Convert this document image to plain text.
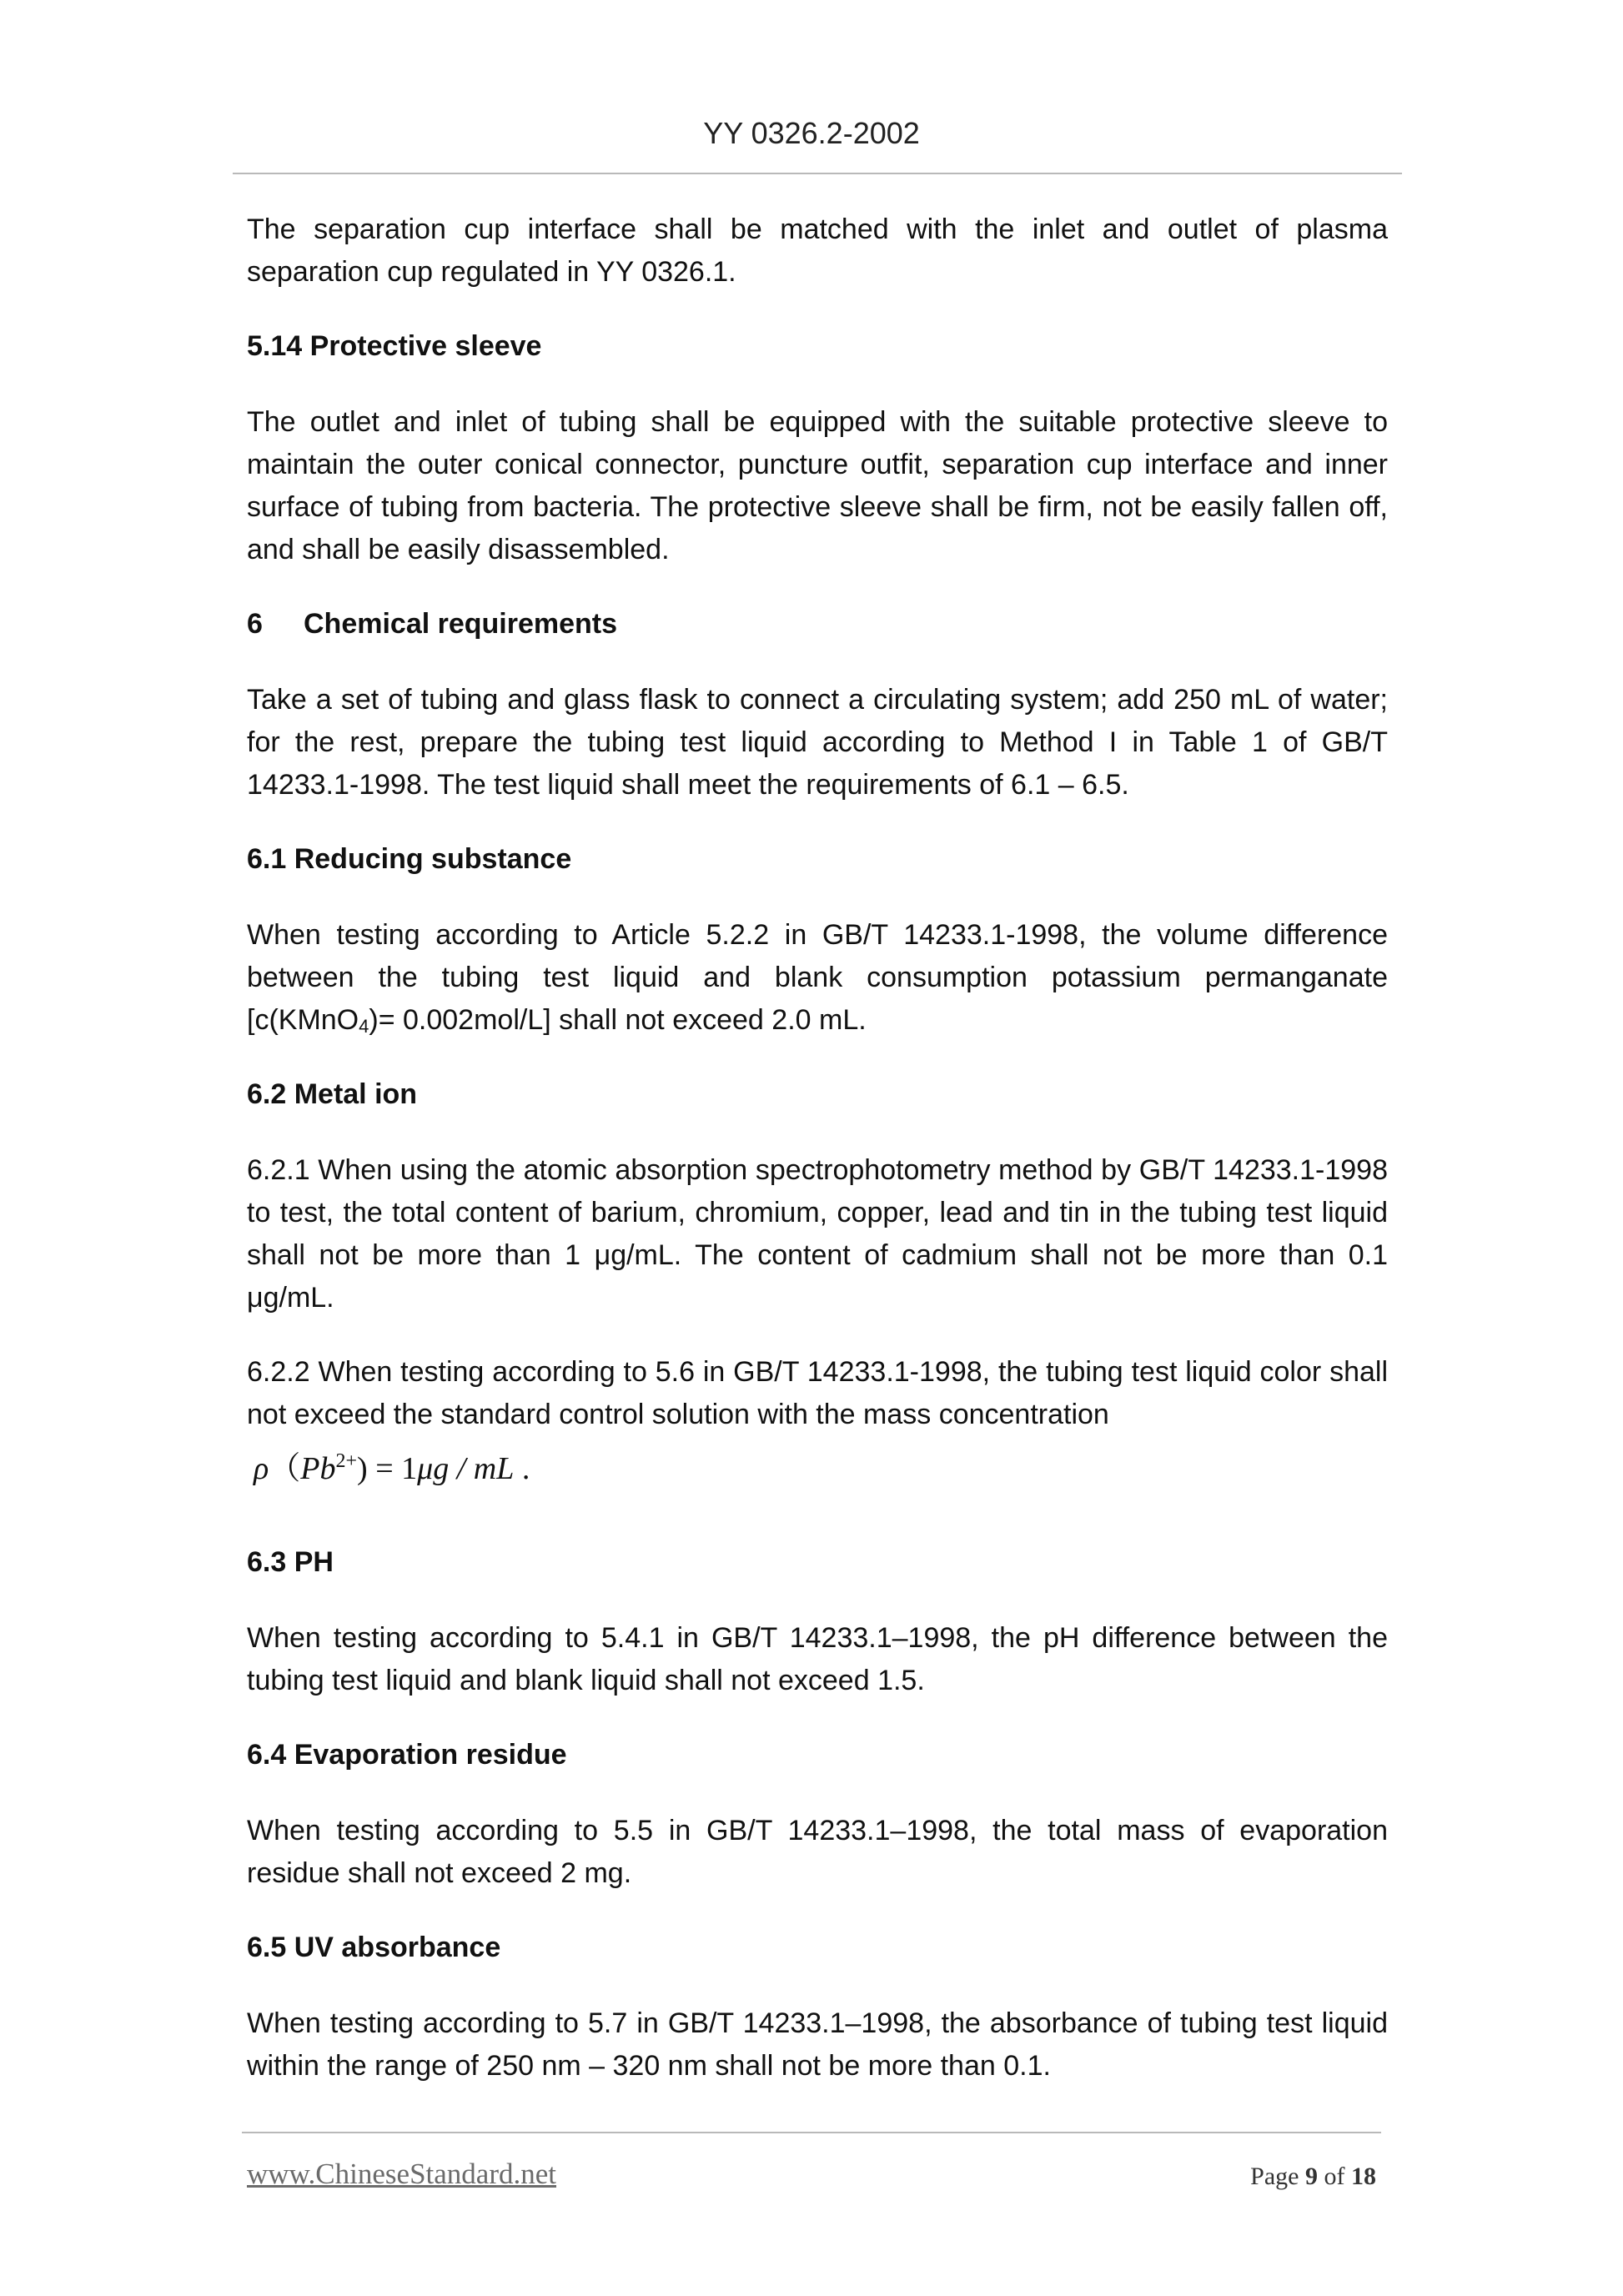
YY 0326.2-2002

The separation cup interface shall be matched with the inlet and outlet of plasma separation cup regulated in YY 0326.1.

5.14 Protective sleeve

The outlet and inlet of tubing shall be equipped with the suitable protective sleeve to maintain the outer conical connector, puncture outfit, separation cup interface and inner surface of tubing from bacteria. The protective sleeve shall be firm, not be easily fallen off, and shall be easily disassembled.

6 Chemical requirements

Take a set of tubing and glass flask to connect a circulating system; add 250 mL of water; for the rest, prepare the tubing test liquid according to Method I in Table 1 of GB/T 14233.1-1998. The test liquid shall meet the requirements of 6.1 – 6.5.

6.1 Reducing substance

When testing according to Article 5.2.2 in GB/T 14233.1-1998, the volume difference between the tubing test liquid and blank consumption potassium permanganate [c(KMnO$_4$)= 0.002mol/L] shall not exceed 2.0 mL.

6.2 Metal ion

6.2.1 When using the atomic absorption spectrophotometry method by GB/T 14233.1-1998 to test, the total content of barium, chromium, copper, lead and tin in the tubing test liquid shall not be more than 1 μg/mL. The content of cadmium shall not be more than 0.1 μg/mL.

6.2.2 When testing according to 5.6 in GB/T 14233.1-1998, the tubing test liquid color shall not exceed the standard control solution with the mass concentration

$\rho(Pb^{2+}) = 1\mu g$ / mL .
6.3 PH

When testing according to 5.4.1 in GB/T 14233.1–1998, the pH difference between the tubing test liquid and blank liquid shall not exceed 1.5.

6.4 Evaporation residue

When testing according to 5.5 in GB/T 14233.1–1998, the total mass of evaporation residue shall not exceed 2 mg.

6.5 UV absorbance

When testing according to 5.7 in GB/T 14233.1–1998, the absorbance of tubing test liquid within the range of 250 nm – 320 nm shall not be more than 0.1.

www.ChineseStandard.net	Page 9 of 18
